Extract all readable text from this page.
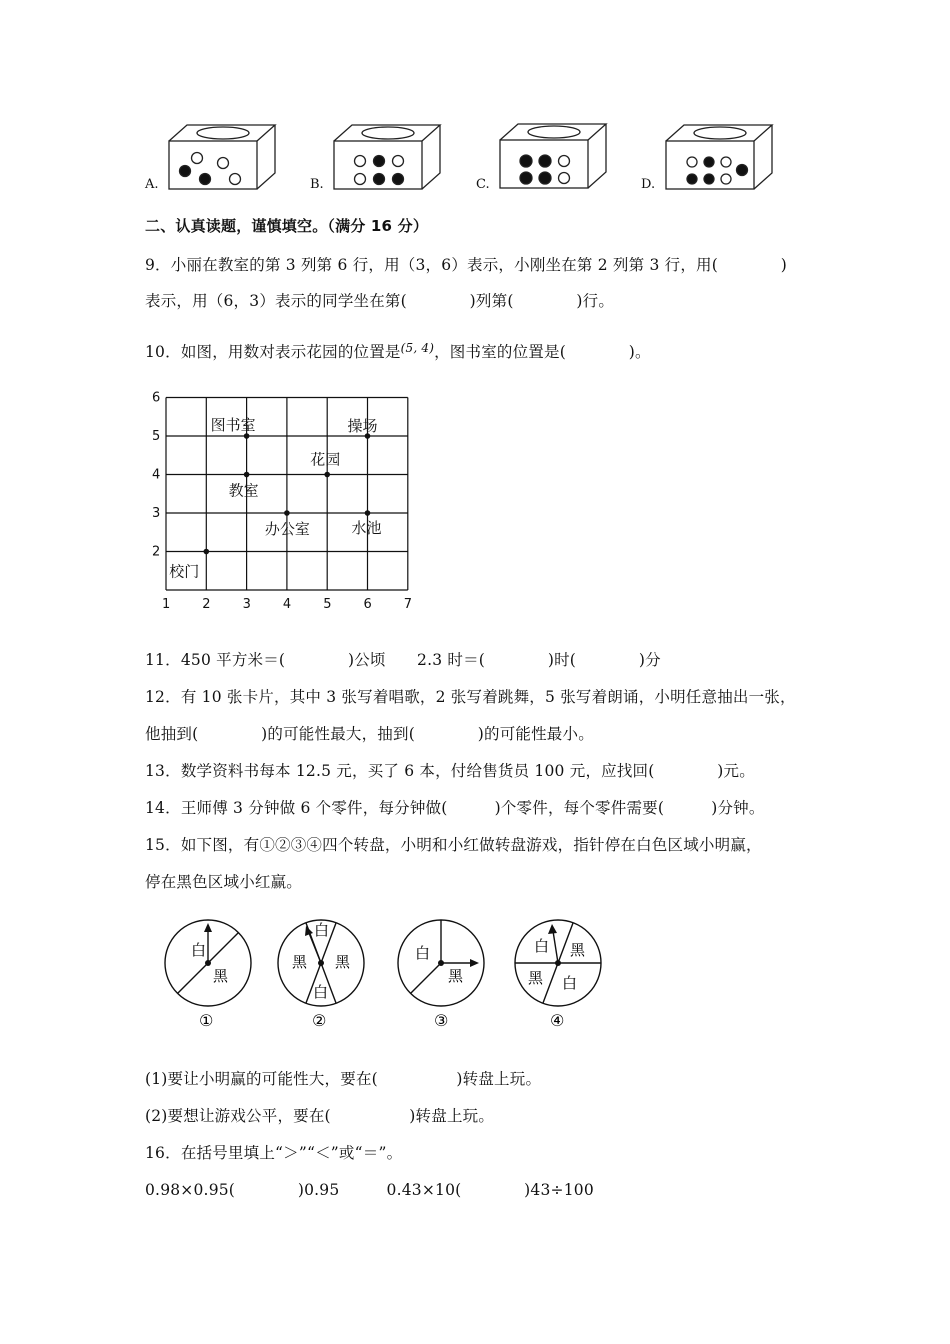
A.	B.	C.	D.
二、认真读题，谨慎填空。（满分 16 分）
9．小丽在教室的第 3 列第 6 行，用（3，6）表示，小刚坐在第 2 列第 3 行，用(　　　　)
表示，用（6，3）表示的同学坐在第(　　　　)列第(　　　　)行。
10．如图，用数对表示花园的位置是$^{(5, 4)}$，图书室的位置是(　　　　)。
图书室	操场
花园
教室
办公室	水池
校门
1 2 3 4 5 6 7
2
3
4
5
6
11．450 平方米＝(　　　　)公顷　　2.3 时＝(　　　　)时(　　　　)分
12．有 10 张卡片，其中 3 张写着唱歌，2 张写着跳舞，5 张写着朗诵，小明任意抽出一张，
他抽到(　　　　)的可能性最大，抽到(　　　　)的可能性最小。
13．数学资料书每本 12.5 元，买了 6 本，付给售货员 100 元，应找回(　　　　)元。
14．王师傅 3 分钟做 6 个零件，每分钟做(　　　)个零件，每个零件需要(　　　)分钟。
15．如下图，有①②③④四个转盘，小明和小红做转盘游戏，指针停在白色区域小明赢，
停在黑色区域小红赢。
白
黑
①
白
黑 黑
白
②
白
黑
③
白 黑
黑 白
④
(1)要让小明赢的可能性大，要在(　　　　　)转盘上玩。
(2)要想让游戏公平，要在(　　　　　)转盘上玩。
16．在括号里填上“＞”“＜”或“＝”。
0.98×0.95(　　　　)0.95　　　0.43×10(　　　　)43÷100
